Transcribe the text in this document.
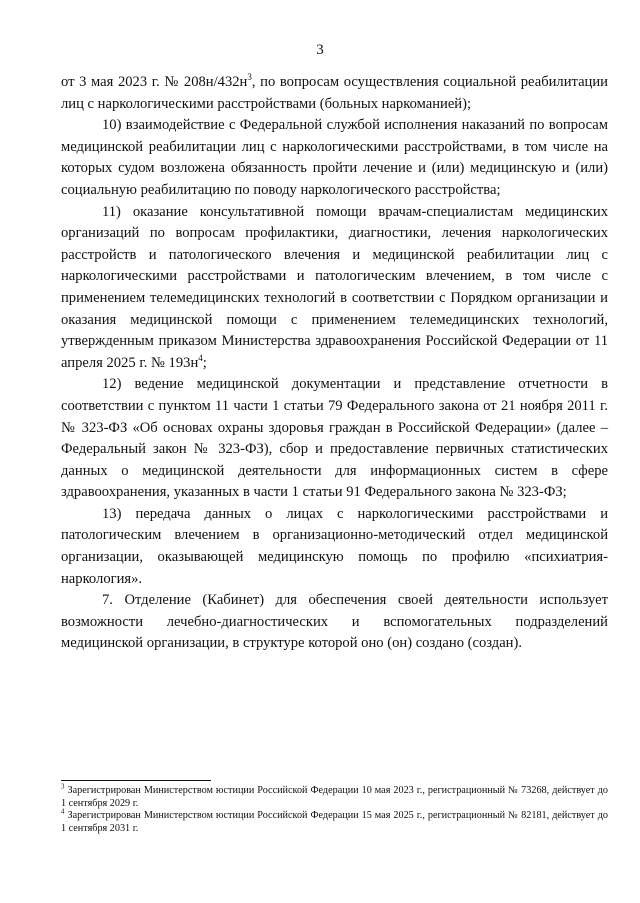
3

от 3 мая 2023 г. № $208н/432н^3$, по вопросам осуществления социальной реабилитации лиц с наркологическими расстройствами (больных наркоманией);

10) взаимодействие с Федеральной службой исполнения наказаний по вопросам медицинской реабилитации лиц с наркологическими расстройствами, в том числе на которых судом возложена обязанность пройти лечение и (или) медицинскую и (или) социальную реабилитацию по поводу наркологического расстройства;

11) оказание консультативной помощи врачам-специалистам медицинских организаций по вопросам профилактики, диагностики, лечения наркологических расстройств и патологического влечения и медицинской реабилитации лиц с наркологическими расстройствами и патологическим влечением, в том числе с применением телемедицинских технологий в соответствии с Порядком организации и оказания медицинской помощи с применением телемедицинских технологий, утвержденным приказом Министерства здравоохранения Российской Федерации от 11 апреля 2025 г. № $193н^4$;

12) ведение медицинской документации и представление отчетности в соответствии с пунктом 11 части 1 статьи 79 Федерального закона от 21 ноября 2011 г. № 323-ФЗ «Об основах охраны здоровья граждан в Российской Федерации» (далее – Федеральный закон № 323-ФЗ), сбор и предоставление первичных статистических данных о медицинской деятельности для информационных систем в сфере здравоохранения, указанных в части 1 статьи 91 Федерального закона № 323-ФЗ;

13) передача данных о лицах с наркологическими расстройствами и патологическим влечением в организационно-методический отдел медицинской организации, оказывающей медицинскую помощь по профилю «психиатрия-наркология».

7. Отделение (Кабинет) для обеспечения своей деятельности использует возможности лечебно-диагностических и вспомогательных подразделений медицинской организации, в структуре которой оно (он) создано (создан).

$^3$ Зарегистрирован Министерством юстиции Российской Федерации 10 мая 2023 г., регистрационный № 73268, действует до 1 сентября 2029 г.

$^4$ Зарегистрирован Министерством юстиции Российской Федерации 15 мая 2025 г., регистрационный № 82181, действует до 1 сентября 2031 г.
